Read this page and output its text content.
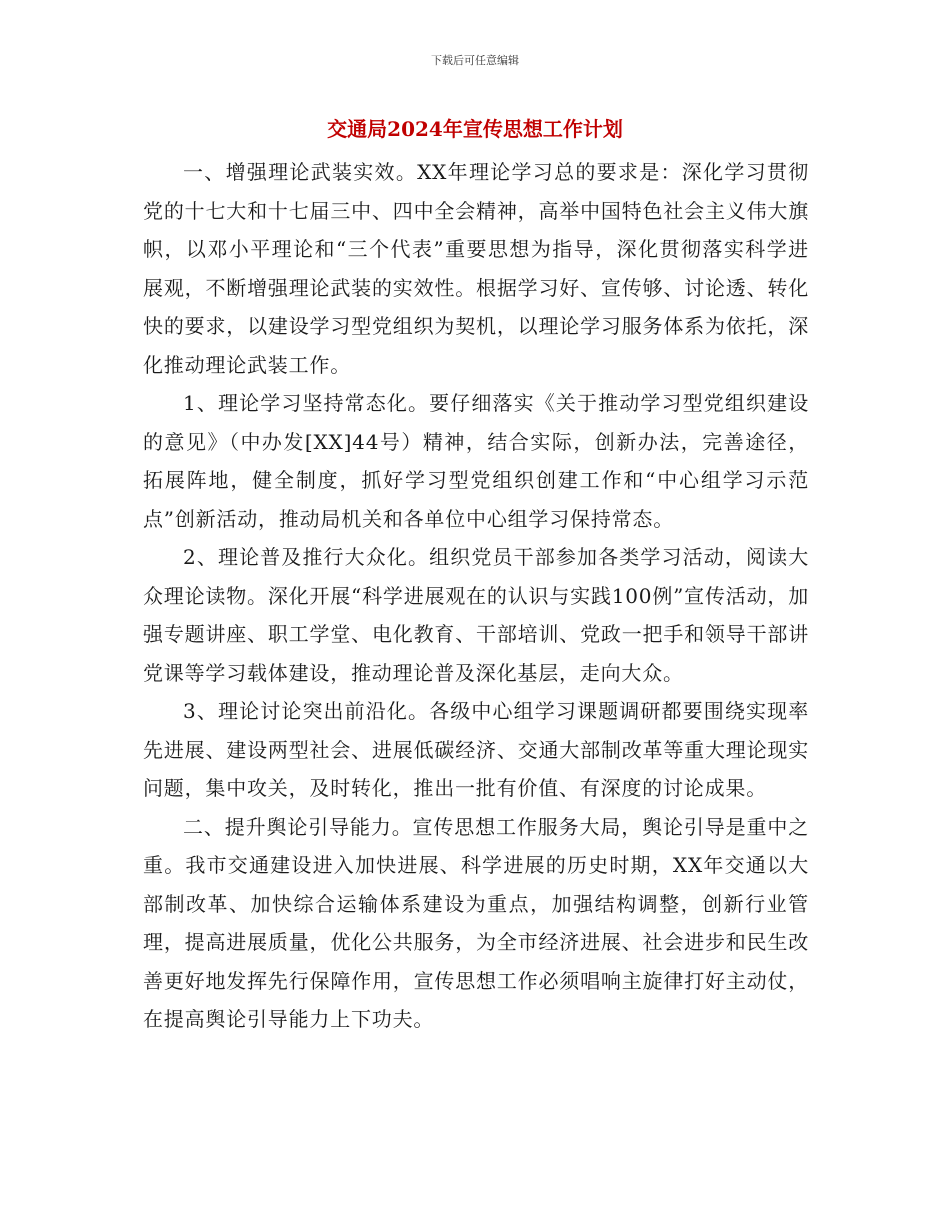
下载后可任意编辑
交通局2024年宣传思想工作计划

一、增强理论武装实效。XX年理论学习总的要求是：深化学习贯彻党的十七大和十七届三中、四中全会精神，高举中国特色社会主义伟大旗帜，以邓小平理论和“三个代表”重要思想为指导，深化贯彻落实科学进展观，不断增强理论武装的实效性。根据学习好、宣传够、讨论透、转化快的要求，以建设学习型党组织为契机，以理论学习服务体系为依托，深化推动理论武装工作。

1、理论学习坚持常态化。要仔细落实《关于推动学习型党组织建设的意见》（中办发[XX]44号）精神，结合实际，创新办法，完善途径，拓展阵地，健全制度，抓好学习型党组织创建工作和“中心组学习示范点”创新活动，推动局机关和各单位中心组学习保持常态。

2、理论普及推行大众化。组织党员干部参加各类学习活动，阅读大众理论读物。深化开展“科学进展观在的认识与实践100例”宣传活动，加强专题讲座、职工学堂、电化教育、干部培训、党政一把手和领导干部讲党课等学习载体建设，推动理论普及深化基层，走向大众。

3、理论讨论突出前沿化。各级中心组学习课题调研都要围绕实现率先进展、建设两型社会、进展低碳经济、交通大部制改革等重大理论现实问题，集中攻关，及时转化，推出一批有价值、有深度的讨论成果。

二、提升舆论引导能力。宣传思想工作服务大局，舆论引导是重中之重。我市交通建设进入加快进展、科学进展的历史时期，XX年交通以大部制改革、加快综合运输体系建设为重点，加强结构调整，创新行业管理，提高进展质量，优化公共服务，为全市经济进展、社会进步和民生改善更好地发挥先行保障作用，宣传思想工作必须唱响主旋律打好主动仗，在提高舆论引导能力上下功夫。
